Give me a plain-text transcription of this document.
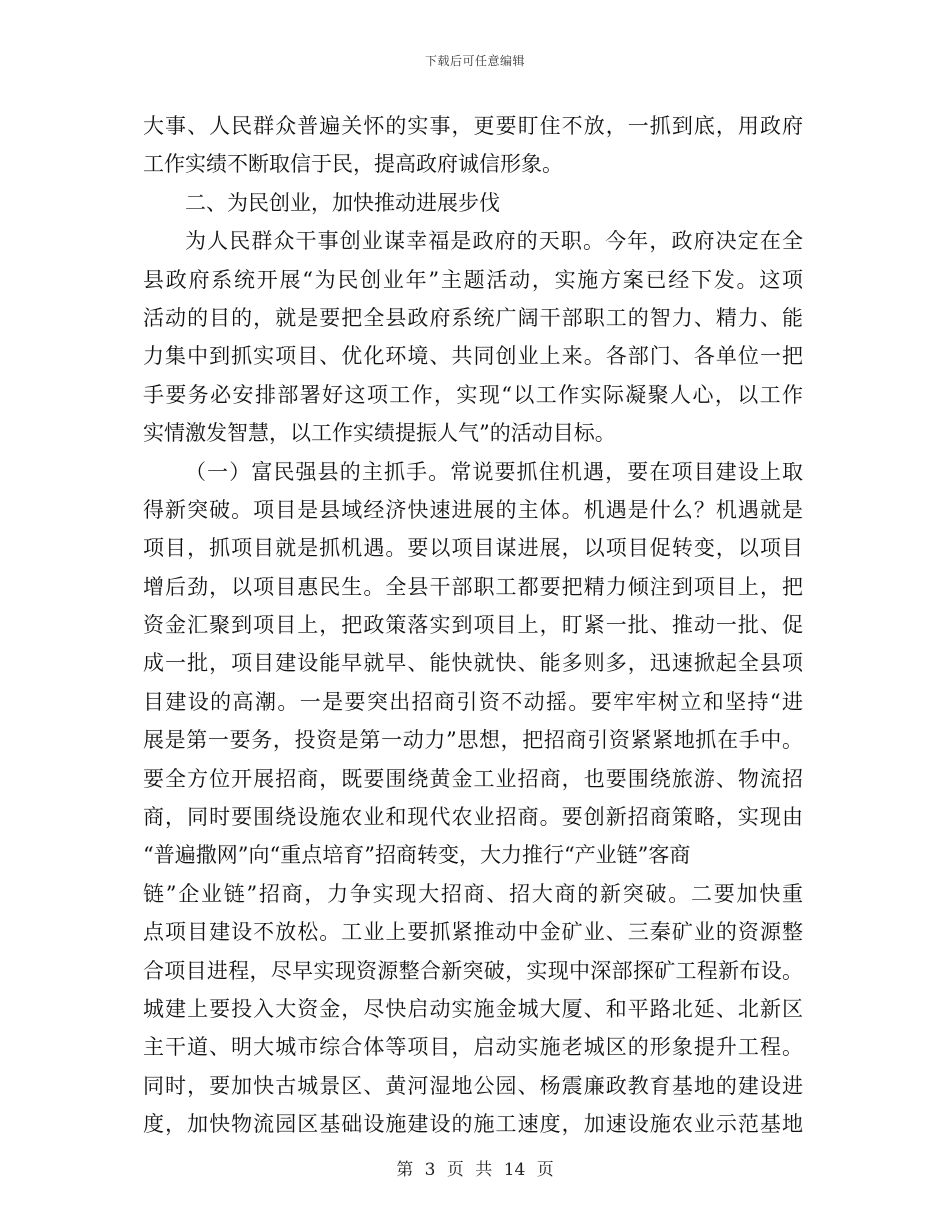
下载后可任意编辑
大事、人民群众普遍关怀的实事，更要盯住不放，一抓到底，用政府
工作实绩不断取信于民，提高政府诚信形象。
二、为民创业，加快推动进展步伐
为人民群众干事创业谋幸福是政府的天职。今年，政府决定在全
县政府系统开展“为民创业年”主题活动，实施方案已经下发。这项
活动的目的，就是要把全县政府系统广阔干部职工的智力、精力、能
力集中到抓实项目、优化环境、共同创业上来。各部门、各单位一把
手要务必安排部署好这项工作，实现“以工作实际凝聚人心，以工作
实情激发智慧，以工作实绩提振人气”的活动目标。
（一）富民强县的主抓手。常说要抓住机遇，要在项目建设上取
得新突破。项目是县域经济快速进展的主体。机遇是什么？机遇就是
项目，抓项目就是抓机遇。要以项目谋进展，以项目促转变，以项目
增后劲，以项目惠民生。全县干部职工都要把精力倾注到项目上，把
资金汇聚到项目上，把政策落实到项目上，盯紧一批、推动一批、促
成一批，项目建设能早就早、能快就快、能多则多，迅速掀起全县项
目建设的高潮。一是要突出招商引资不动摇。要牢牢树立和坚持“进
展是第一要务，投资是第一动力”思想，把招商引资紧紧地抓在手中。
要全方位开展招商，既要围绕黄金工业招商，也要围绕旅游、物流招
商，同时要围绕设施农业和现代农业招商。要创新招商策略，实现由
“普遍撒网”向“重点培育”招商转变，大力推行“产业链”客商
链”企业链”招商，力争实现大招商、招大商的新突破。二要加快重
点项目建设不放松。工业上要抓紧推动中金矿业、三秦矿业的资源整
合项目进程，尽早实现资源整合新突破，实现中深部探矿工程新布设。
城建上要投入大资金，尽快启动实施金城大厦、和平路北延、北新区
主干道、明大城市综合体等项目，启动实施老城区的形象提升工程。
同时，要加快古城景区、黄河湿地公园、杨震廉政教育基地的建设进
度，加快物流园区基础设施建设的施工速度，加速设施农业示范基地
第 3 页 共 14 页
